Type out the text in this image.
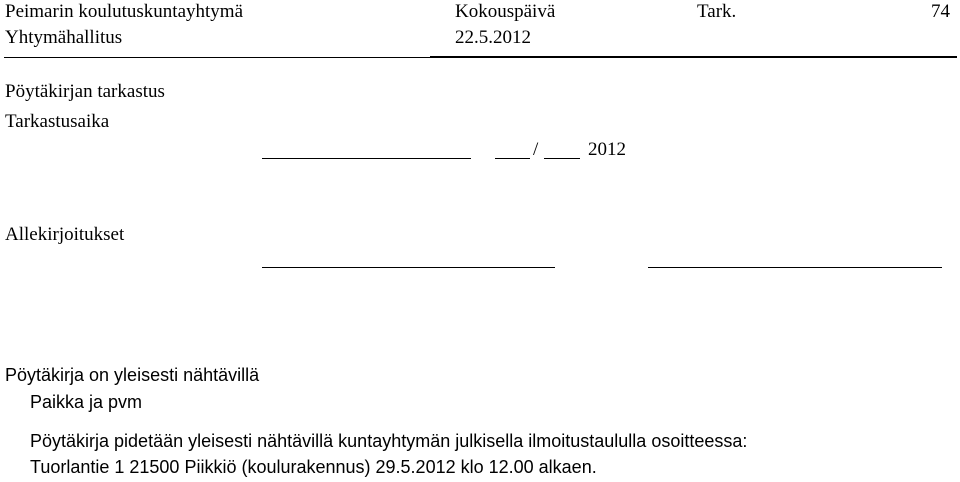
Peimarin koulutuskuntayhtymä	Kokouspäivä	Tark.	74
Yhtymähallitus	22.5.2012
Pöytäkirjan tarkastus
Tarkastusaika
/	2012
Allekirjoitukset
Pöytäkirja on yleisesti nähtävillä
Paikka ja pvm
Pöytäkirja pidetään yleisesti nähtävillä kuntayhtymän julkisella ilmoitustaululla osoitteessa:
Tuorlantie 1 21500 Piikkiö (koulurakennus) 29.5.2012 klo 12.00 alkaen.
